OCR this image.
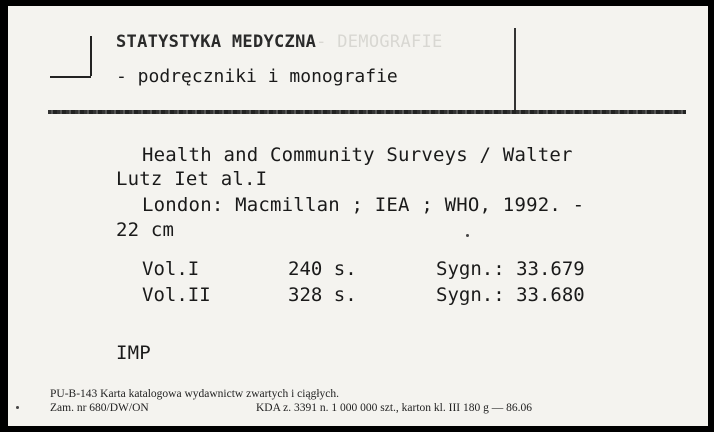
STATYSTYKA MEDYCZNA- DEMOGRAFIE
- podręczniki i monografie
Health and Community Surveys / Walter
Lutz Iet al.I
London: Macmillan ; IEA ; WHO, 1992. -
22 cm
Vol.I	240 s.	Sygn.: 33.679
Vol.II	328 s.	Sygn.: 33.680
IMP
PU-B-143 Karta katalogowa wydawnictw zwartych i ciągłych.
Zam. nr 680/DW/ON	KDA z. 3391 n. 1 000 000 szt., karton kl. III 180 g — 86.06
